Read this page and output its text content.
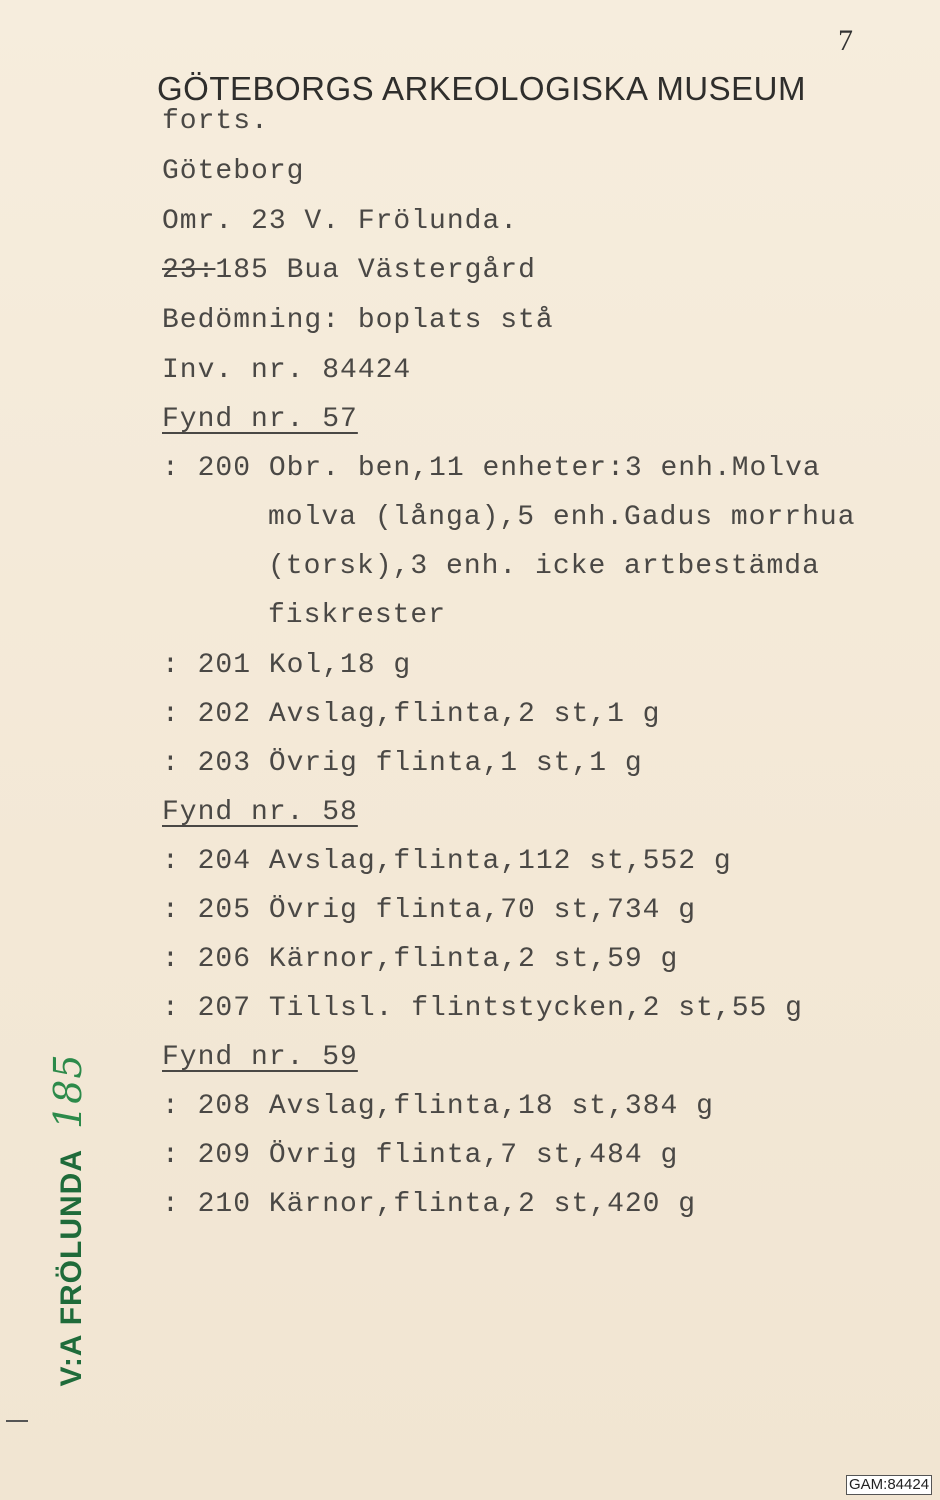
7
GÖTEBORGS ARKEOLOGISKA MUSEUM
forts.
Göteborg
Omr. 23 V. Frölunda.
23:185 Bua Västergård
Bedömning: boplats stå
Inv. nr. 84424
Fynd nr. 57
: 200 Obr. ben,11 enheter:3 enh.Molva
molva (långa),5 enh.Gadus morrhua
(torsk),3 enh. icke artbestämda
fiskrester
: 201 Kol,18 g
: 202 Avslag,flinta,2 st,1 g
: 203 Övrig flinta,1 st,1 g
Fynd nr. 58
: 204 Avslag,flinta,112 st,552 g
: 205 Övrig flinta,70 st,734 g
: 206 Kärnor,flinta,2 st,59 g
: 207 Tillsl. flintstycken,2 st,55 g
Fynd nr. 59
: 208 Avslag,flinta,18 st,384 g
: 209 Övrig flinta,7 st,484 g
: 210 Kärnor,flinta,2 st,420 g
V:A FRÖLUNDA185
GAM:84424
